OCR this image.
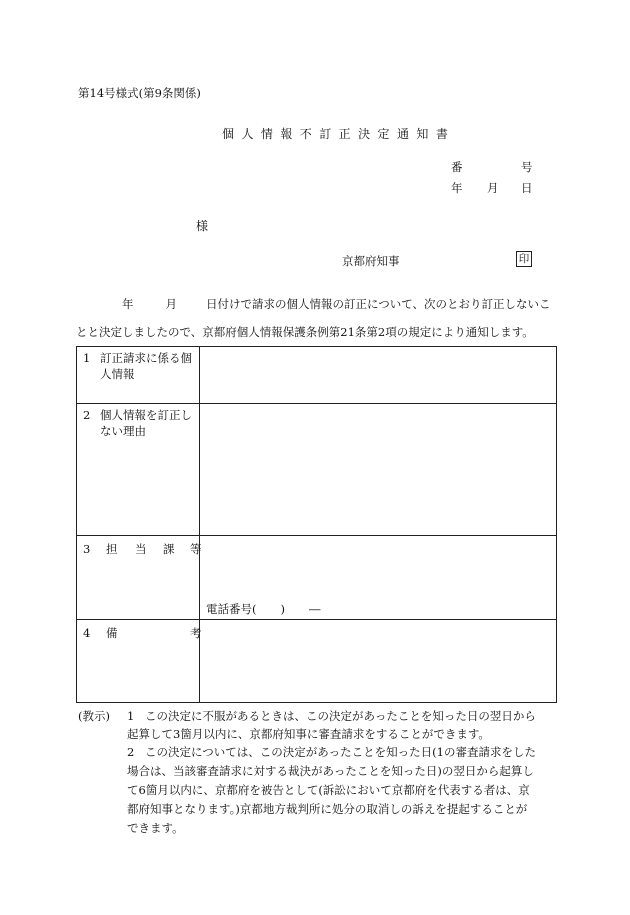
第14号様式(第9条関係)
個人情報不訂正決定通知書
番	号
年 月 日
様
京都府知事	印
年	月	日付けで請求の個人情報の訂正について、次のとおり訂正しないこ
とと決定しましたので、京都府個人情報保護条例第21条第2項の規定により通知します。
1 訂正請求に係る個
人情報
2 個人情報を訂正し
ない理由
3 担 当 課 等
電話番号( ) ―
4 備	考
(教示) 1 この決定に不服があるときは、この決定があったことを知った日の翌日から
起算して3箇月以内に、京都府知事に審査請求をすることができます。
2 この決定については、この決定があったことを知った日(1の審査請求をした
場合は、当該審査請求に対する裁決があったことを知った日)の翌日から起算し
て6箇月以内に、京都府を被告として(訴訟において京都府を代表する者は、京
都府知事となります。)京都地方裁判所に処分の取消しの訴えを提起することが
できます。
